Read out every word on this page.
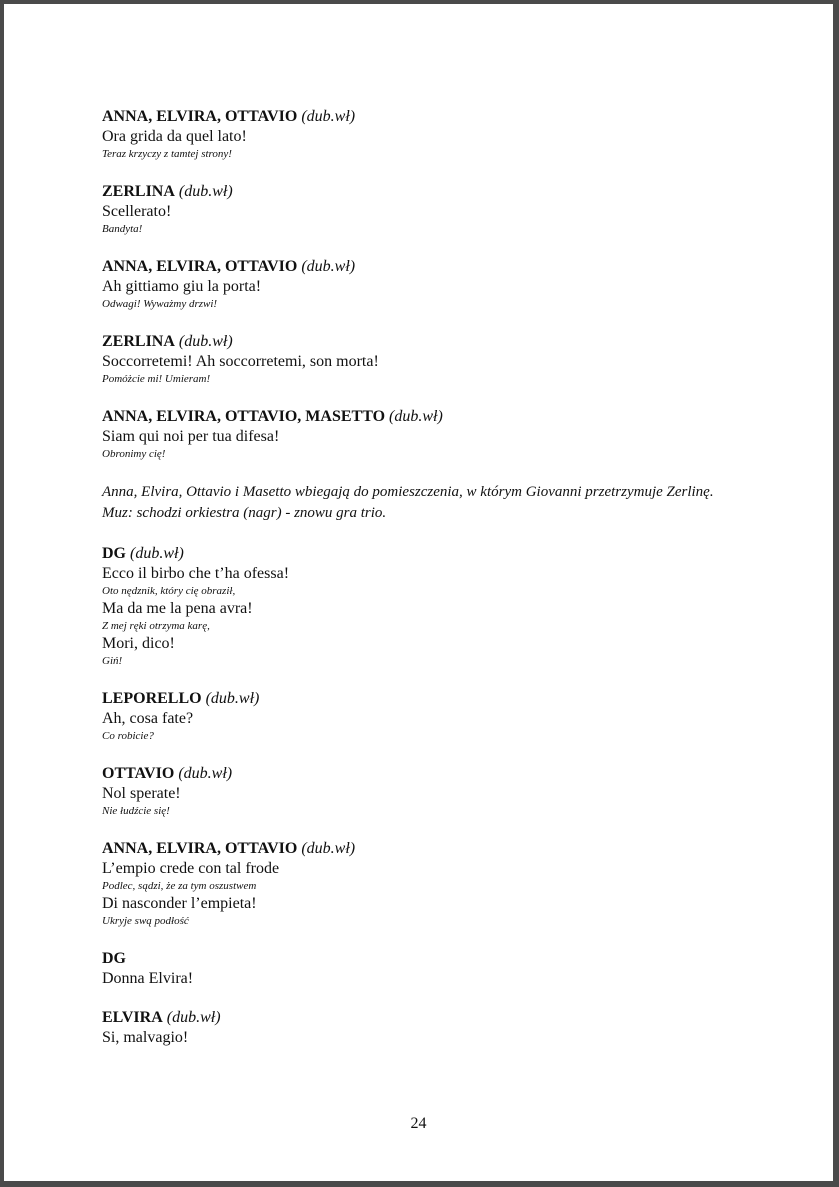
ANNA, ELVIRA, OTTAVIO (dub.wł)
Ora grida da quel lato!
Teraz krzyczy z tamtej strony!
ZERLINA (dub.wł)
Scellerato!
Bandyta!
ANNA, ELVIRA, OTTAVIO (dub.wł)
Ah gittiamo giu la porta!
Odwagi! Wyważmy drzwi!
ZERLINA (dub.wł)
Soccorretemi! Ah soccorretemi, son morta!
Pomóżcie mi! Umieram!
ANNA, ELVIRA, OTTAVIO, MASETTO (dub.wł)
Siam qui noi per tua difesa!
Obronimy cię!
Anna, Elvira, Ottavio i Masetto wbiegają do pomieszczenia, w którym Giovanni przetrzymuje Zerlinę.
Muz: schodzi orkiestra (nagr) - znowu gra trio.
DG (dub.wł)
Ecco il birbo che t’ha ofessa!
Oto nędznik, który cię obraził,
Ma da me la pena avra!
Z mej ręki otrzyma karę,
Mori, dico!
Giń!
LEPORELLO (dub.wł)
Ah, cosa fate?
Co robicie?
OTTAVIO (dub.wł)
Nol sperate!
Nie łudźcie się!
ANNA, ELVIRA, OTTAVIO (dub.wł)
L’empio crede con tal frode
Podlec, sądzi, że za tym oszustwem
Di nasconder l’empieta!
Ukryje swą podłość
DG
Donna Elvira!
ELVIRA (dub.wł)
Si, malvagio!
24
